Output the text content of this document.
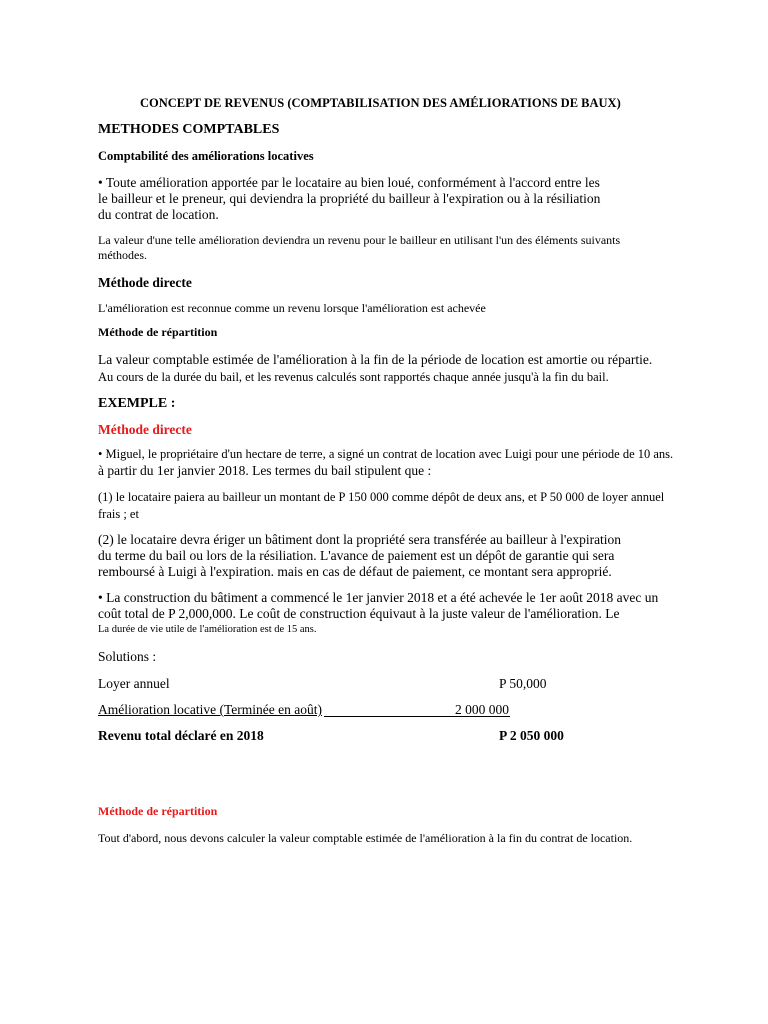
CONCEPT DE REVENUS (COMPTABILISATION DES AMÉLIORATIONS DE BAUX)

METHODES COMPTABLES

Comptabilité des améliorations locatives

• Toute amélioration apportée par le locataire au bien loué, conformément à l'accord entre les

le bailleur et le preneur, qui deviendra la propriété du bailleur à l'expiration ou à la résiliation

du contrat de location.

La valeur d'une telle amélioration deviendra un revenu pour le bailleur en utilisant l'un des éléments suivants

méthodes.

Méthode directe

L'amélioration est reconnue comme un revenu lorsque l'amélioration est achevée

Méthode de répartition

La valeur comptable estimée de l'amélioration à la fin de la période de location est amortie ou répartie.

Au cours de la durée du bail, et les revenus calculés sont rapportés chaque année jusqu'à la fin du bail.

EXEMPLE :

Méthode directe

• Miguel, le propriétaire d'un hectare de terre, a signé un contrat de location avec Luigi pour une période de 10 ans.

à partir du 1er janvier 2018. Les termes du bail stipulent que :

(1) le locataire paiera au bailleur un montant de P 150 000 comme dépôt de deux ans, et P 50 000 de loyer annuel

frais ; et

(2) le locataire devra ériger un bâtiment dont la propriété sera transférée au bailleur à l'expiration

du terme du bail ou lors de la résiliation. L'avance de paiement est un dépôt de garantie qui sera

remboursé à Luigi à l'expiration. mais en cas de défaut de paiement, ce montant sera approprié.

• La construction du bâtiment a commencé le 1er janvier 2018 et a été achevée le 1er août 2018 avec un

coût total de P 2,000,000. Le coût de construction équivaut à la juste valeur de l'amélioration. Le

La durée de vie utile de l'amélioration est de 15 ans.

Solutions :

Loyer annuel	P 50,000

Amélioration locative (Terminée en août)	2 000 000

Revenu total déclaré en 2018	P 2 050 000

Méthode de répartition

Tout d'abord, nous devons calculer la valeur comptable estimée de l'amélioration à la fin du contrat de location.
